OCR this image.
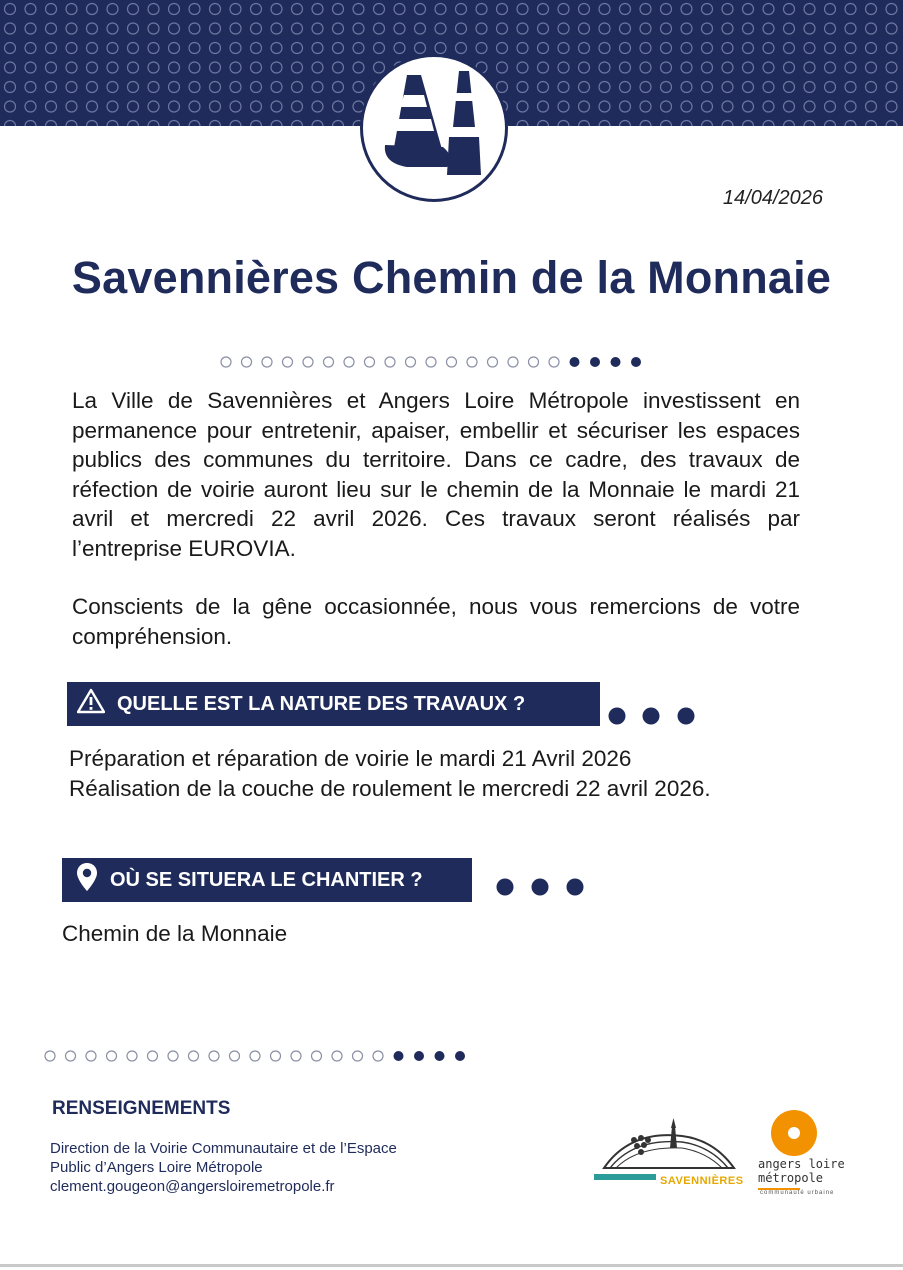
14/04/2026
Savennières Chemin de la Monnaie

La Ville de Savennières et Angers Loire Métropole investissent en permanence pour entretenir, apaiser, embellir et sécuriser les espaces publics des communes du territoire. Dans ce cadre, des travaux de réfection de voirie auront lieu sur le chemin de la Monnaie le mardi 21 avril et mercredi 22 avril 2026. Ces travaux seront réalisés par l’entreprise EUROVIA.

Conscients de la gêne occasionnée, nous vous remercions de votre compréhension.

QUELLE EST LA NATURE DES TRAVAUX ?
Préparation et réparation de voirie le mardi 21 Avril 2026
Réalisation de la couche de roulement le mercredi 22 avril 2026.
OÙ SE SITUERA LE CHANTIER ?

Chemin de la Monnaie

RENSEIGNEMENTS
Direction de la Voirie Communautaire et de l’Espace
Public d’Angers Loire Métropole
clement.gougeon@angersloiremetropole.fr	SAVENNIÈRES
angers loire
métropole
communauté urbaine
